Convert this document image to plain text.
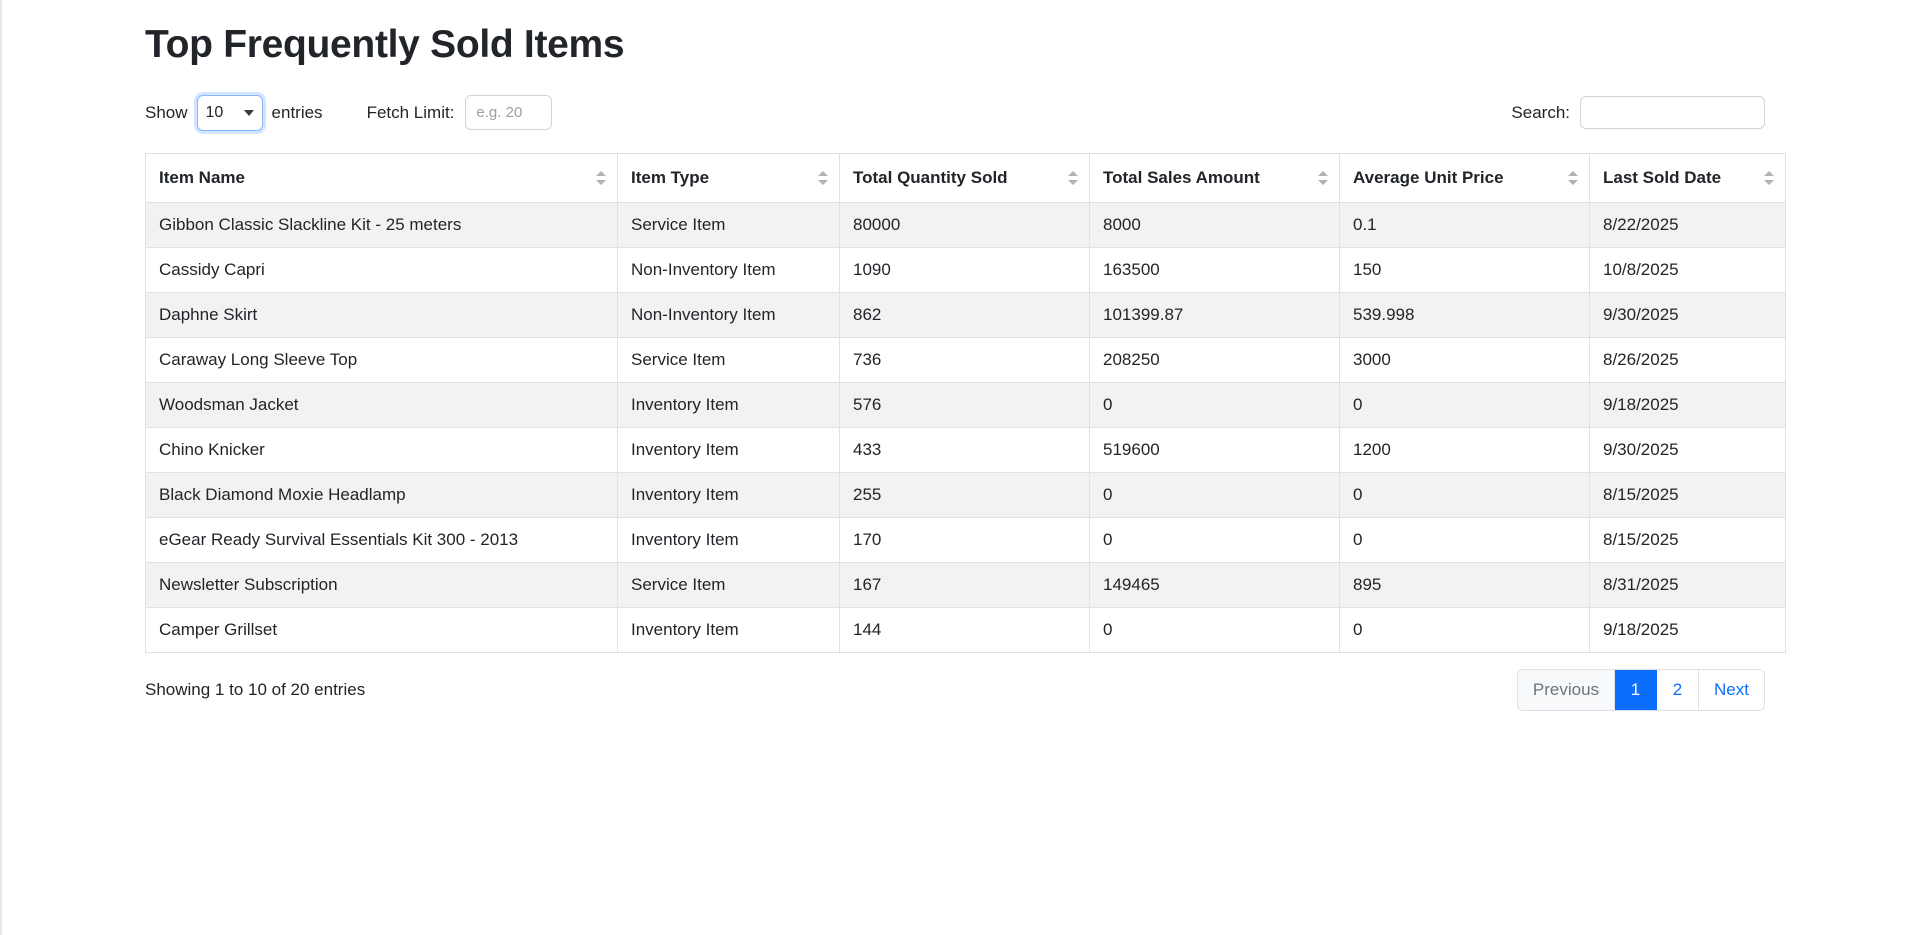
Top Frequently Sold Items
Show 10	entries	Fetch Limit:
e.g. 20	Search:
Item Name	Item Type	Total Quantity Sold	Total Sales Amount	Average Unit Price	Last Sold Date

Gibbon Classic Slackline Kit - 25 meters	Service Item	80000	8000	0.1	8/22/2025
Cassidy Capri	Non-Inventory Item	1090	163500	150	10/8/2025
Daphne Skirt	Non-Inventory Item	862	101399.87	539.998	9/30/2025
Caraway Long Sleeve Top	Service Item	736	208250	3000	8/26/2025
Woodsman Jacket	Inventory Item	576	0	0	9/18/2025
Chino Knicker	Inventory Item	433	519600	1200	9/30/2025
Black Diamond Moxie Headlamp	Inventory Item	255	0	0	8/15/2025
eGear Ready Survival Essentials Kit 300 - 2013	Inventory Item	170	0	0	8/15/2025
Newsletter Subscription	Service Item	167	149465	895	8/31/2025
Camper Grillset	Inventory Item	144	0	0	9/18/2025
Showing 1 to 10 of 20 entries	Previous	1	2	Next
